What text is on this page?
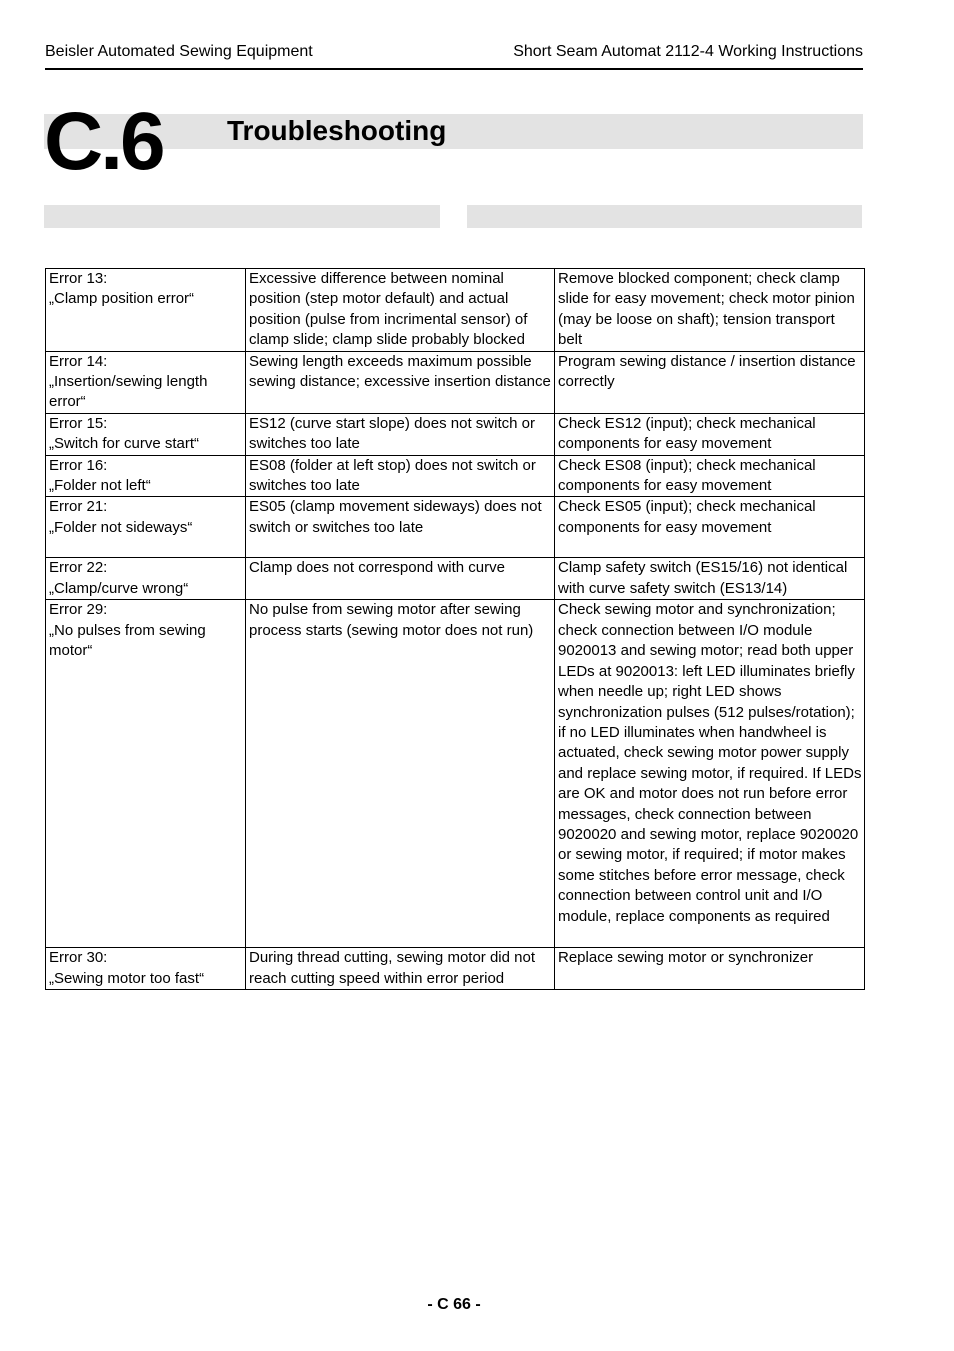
Beisler Automated Sewing Equipment	Short Seam Automat 2112-4 Working Instructions
C.6 Troubleshooting
Error 13:
„Clamp position error“	Excessive difference between nominal position (step motor default) and actual position (pulse from incrimental sensor) of clamp slide; clamp slide probably blocked	Remove blocked component; check clamp slide for easy movement; check motor pinion (may be loose on shaft); tension transport belt

Error 14:
„Insertion/sewing length error“	Sewing length exceeds maximum possible sewing distance; excessive insertion distance	Program sewing distance / insertion distance correctly

Error 15:
„Switch for curve start“	ES12 (curve start slope) does not switch or switches too late	Check ES12 (input); check mechanical components for easy movement

Error 16:
„Folder not left“	ES08 (folder at left stop) does not switch or switches too late	Check ES08 (input); check mechanical components for easy movement

Error 21:
„Folder not sideways“	ES05 (clamp movement sideways) does not switch or switches too late	Check ES05 (input); check mechanical components for easy movement

Error 22:
„Clamp/curve wrong“	Clamp does not correspond with curve	Clamp safety switch (ES15/16) not identical with curve safety switch (ES13/14)

Error 29:
„No pulses from sewing motor“	No pulse from sewing motor after sewing process starts (sewing motor does not run)	Check sewing motor and synchronization; check connection between I/O module 9020013 and sewing motor; read both upper LEDs at 9020013: left LED illuminates briefly when needle up; right LED shows synchronization pulses (512 pulses/rotation); if no LED illuminates when handwheel is actuated, check sewing motor power supply and replace sewing motor, if required. If LEDs are OK and motor does not run before error messages, check connection between 9020020 and sewing motor, replace 9020020 or sewing motor, if required; if motor makes some stitches before error message, check connection between control unit and I/O module, replace components as required

Error 30:
„Sewing motor too fast“	During thread cutting, sewing motor did not reach cutting speed within error period	Replace sewing motor or synchronizer
- C 66 -
